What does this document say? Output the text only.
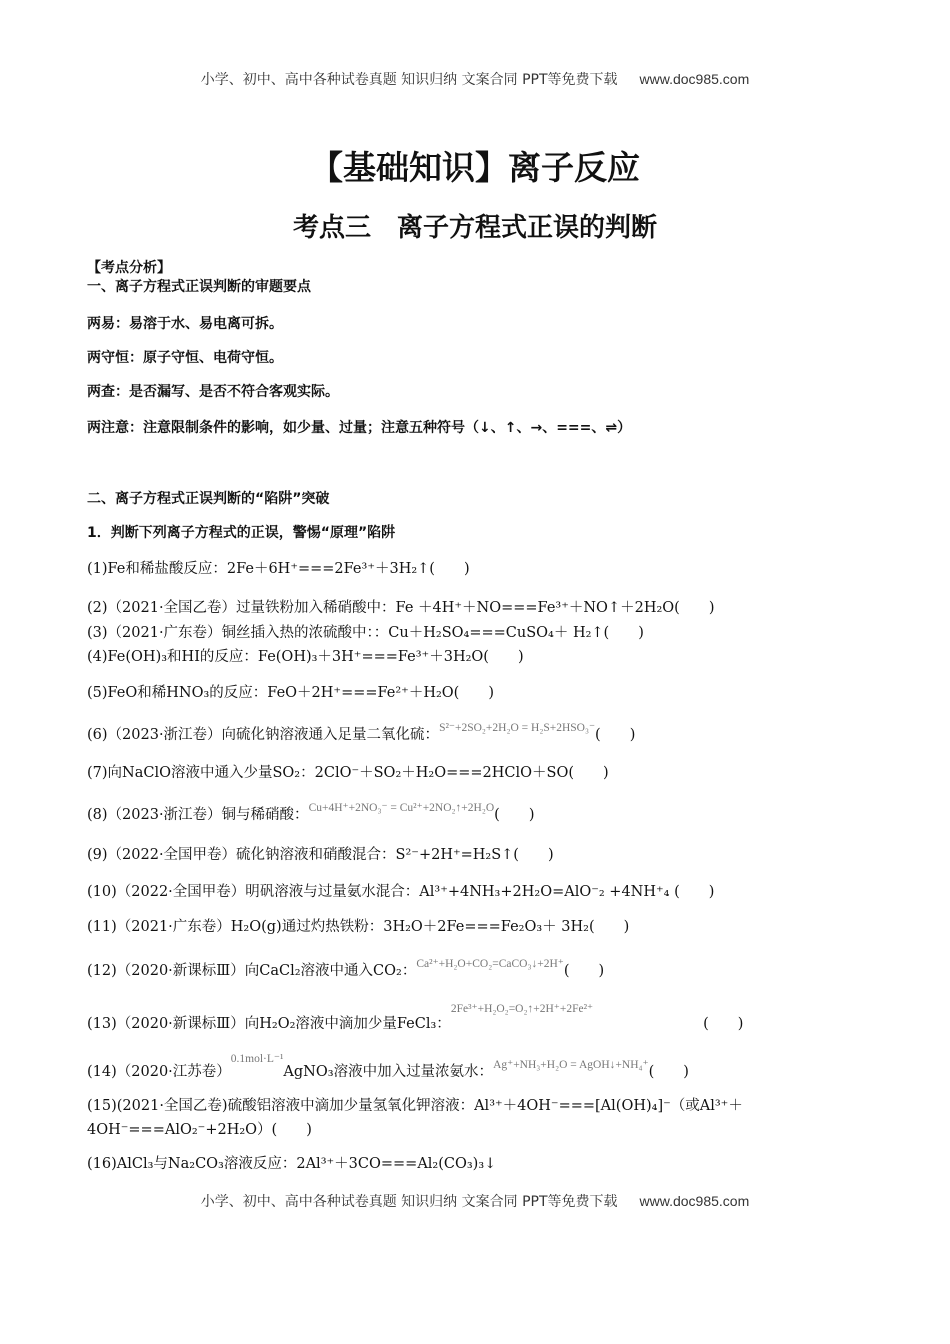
小学、初中、高中各种试卷真题 知识归纳 文案合同 PPT等免费下载 www.doc985.com
【基础知识】离子反应
考点三　离子方程式正误的判断
【考点分析】
一、离子方程式正误判断的审题要点
两易：易溶于水、易电离可拆。
两守恒：原子守恒、电荷守恒。
两查：是否漏写、是否不符合客观实际。
两注意：注意限制条件的影响，如少量、过量；注意五种符号（↓、↑、→、===、⇌）
二、离子方程式正误判断的“陷阱”突破
1．判断下列离子方程式的正误，警惕“原理”陷阱
(1)Fe和稀盐酸反应：2Fe＋6H⁺===2Fe³⁺＋3H₂↑(　　)
(2)（2021·全国乙卷）过量铁粉加入稀硝酸中：Fe ＋4H⁺＋NO===Fe³⁺＋NO↑＋2H₂O(　　)
(3)（2021·广东卷）铜丝插入热的浓硫酸中：：Cu＋H₂SO₄===CuSO₄＋ H₂↑(　　)
(4)Fe(OH)₃和HI的反应：Fe(OH)₃＋3H⁺===Fe³⁺＋3H₂O(　　)
(5)FeO和稀HNO₃的反应：FeO＋2H⁺===Fe²⁺＋H₂O(　　)
(6)（2023·浙江卷）向硫化钠溶液通入足量二氧化硫：$^{S^{2-}+2SO_2+2H_2O = H_2S+2HSO_3^-}$(　　)
(7)向NaClO溶液中通入少量SO₂：2ClO⁻＋SO₂＋H₂O===2HClO＋SO(　　)
(8)（2023·浙江卷）铜与稀硝酸：$^{Cu+4H^++2NO_3^- = Cu^{2+}+2NO_2↑+2H_2O}$(　　)
(9)（2022·全国甲卷）硫化钠溶液和硝酸混合：S²⁻+2H⁺=H₂S↑(　　)
(10)（2022·全国甲卷）明矾溶液与过量氨水混合：Al³⁺+4NH₃+2H₂O=AlO⁻₂ +4NH⁺₄ (　　)
(11)（2021·广东卷）H₂O(g)通过灼热铁粉：3H₂O＋2Fe===Fe₂O₃＋ 3H₂(　　)
(12)（2020·新课标Ⅲ）向CaCl₂溶液中通入CO₂：$^{Ca^{2+}+H_2O+CO_2=CaCO_3↓+2H^+}$(　　)
(13)（2020·新课标Ⅲ）向H₂O₂溶液中滴加少量FeCl₃：$^{2Fe^{3+}+H_2O_2=O_2↑+2H^++2Fe^{2+}}$(　　)
(14)（2020·江苏卷）$^{0.1mol\cdot L^{-1}}$AgNO₃溶液中加入过量浓氨水：$^{Ag^++NH_3+H_2O = AgOH↓+NH_4^+}$(　　)
(15)(2021·全国乙卷)硫酸铝溶液中滴加少量氢氧化钾溶液：Al³⁺＋4OH⁻===[Al(OH)₄]⁻（或Al³⁺＋4OH⁻===AlO₂⁻+2H₂O）(　　)
(16)AlCl₃与Na₂CO₃溶液反应：2Al³⁺＋3CO===Al₂(CO₃)₃↓
小学、初中、高中各种试卷真题 知识归纳 文案合同 PPT等免费下载 www.doc985.com
